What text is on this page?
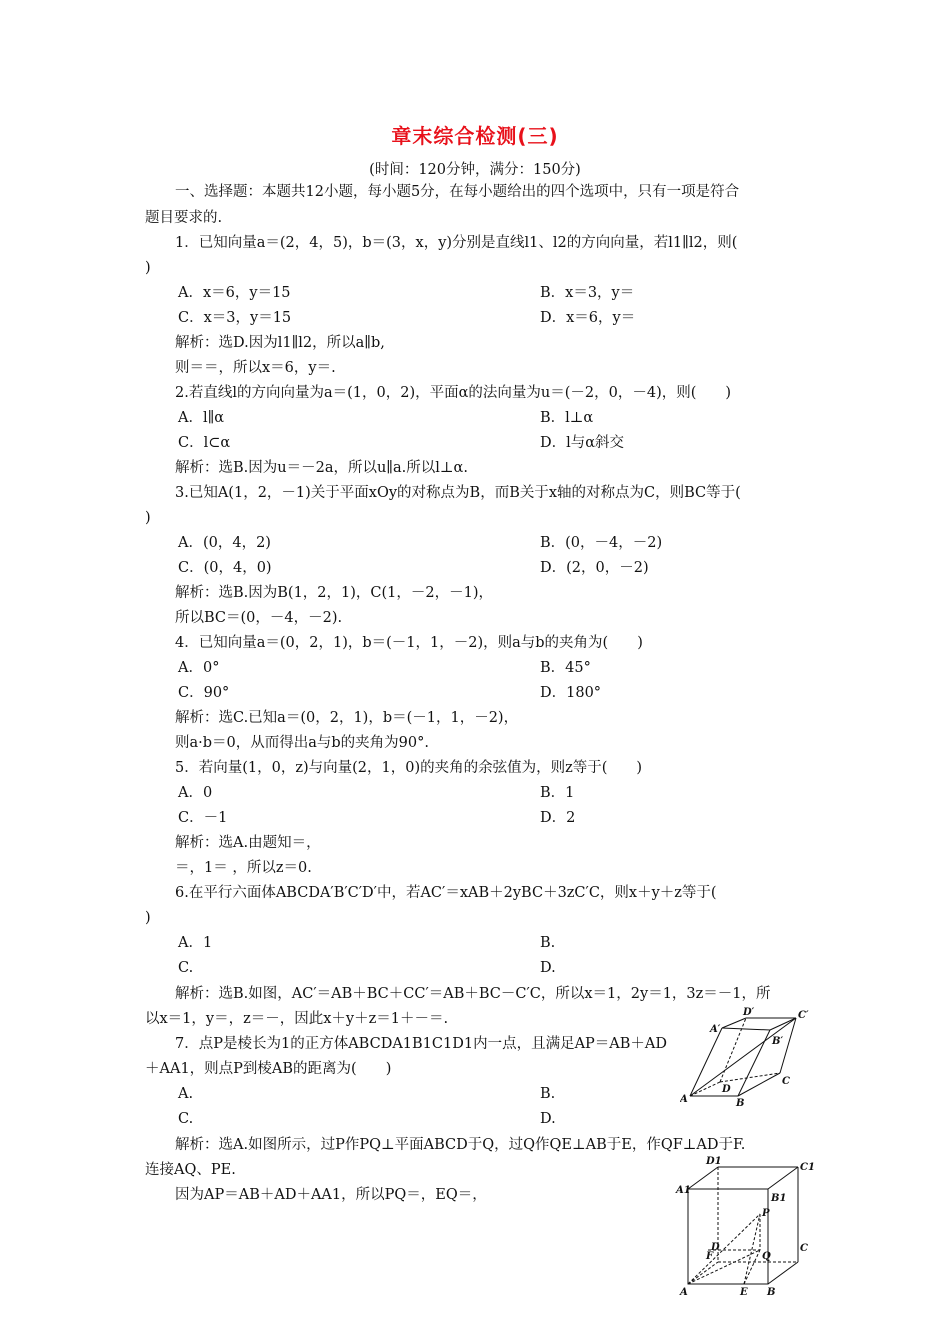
章末综合检测(三)
(时间：120分钟，满分：150分)
一、选择题：本题共12小题，每小题5分，在每小题给出的四个选项中，只有一项是符合
题目要求的.
1．已知向量a＝(2，4，5)，b＝(3，x，y)分别是直线l1、l2的方向向量，若l1∥l2，则(
)
A．x＝6，y＝15	B．x＝3，y＝
C．x＝3，y＝15	D．x＝6，y＝
解析：选D.因为l1∥l2，所以a∥b,
则＝＝，所以x＝6，y＝.
2.若直线l的方向向量为a＝(1，0，2)，平面α的法向量为u＝(－2，0，－4)，则(　　)
A．l∥α	B．l⊥α
C．l⊂α	D．l与α斜交
解析：选B.因为u＝－2a，所以u∥a.所以l⊥α.
3.已知A(1，2，－1)关于平面xOy的对称点为B，而B关于x轴的对称点为C，则BC等于(
)
A．(0，4，2)	B．(0，－4，－2)
C．(0，4，0)	D．(2，0，－2)
解析：选B.因为B(1，2，1)，C(1，－2，－1)，
所以BC＝(0，－4，－2).
4．已知向量a＝(0，2，1)，b＝(－1，1，－2)，则a与b的夹角为(　　)
A．0°	B．45°
C．90°	D．180°
解析：选C.已知a＝(0，2，1)，b＝(－1，1，－2)，
则a·b＝0，从而得出a与b的夹角为90°.
5．若向量(1，0，z)与向量(2，1，0)的夹角的余弦值为，则z等于(　　)
A．0	B．1
C．－1	D．2
解析：选A.由题知＝，
＝，1＝ ，所以z＝0.
6.在平行六面体ABCDA′B′C′D′中，若AC′＝xAB＋2yBC＋3zC′C，则x＋y＋z等于(
)
A．1	B.
C.	D.
解析：选B.如图，AC′＝AB＋BC＋CC′＝AB＋BC－C′C，所以x＝1，2y＝1，3z＝－1，所
以x＝1，y＝，z＝－，因此x＋y＋z＝1＋－＝.
7．点P是棱长为1的正方体ABCDA1B1C1D1内一点，且满足AP＝AB＋AD
＋AA1，则点P到棱AB的距离为(　　)
A.	B.
C.	D.
解析：选A.如图所示，过P作PQ⊥平面ABCD于Q，过Q作QE⊥AB于E，作QF⊥AD于F.
连接AQ、PE.
因为AP＝AB＋AD＋AA1，所以PQ＝，EQ＝，
D′	C′
A′
B′
D
C
A	B
D1
C1
A1
B1
P
D	C
F	Q
A	E B
